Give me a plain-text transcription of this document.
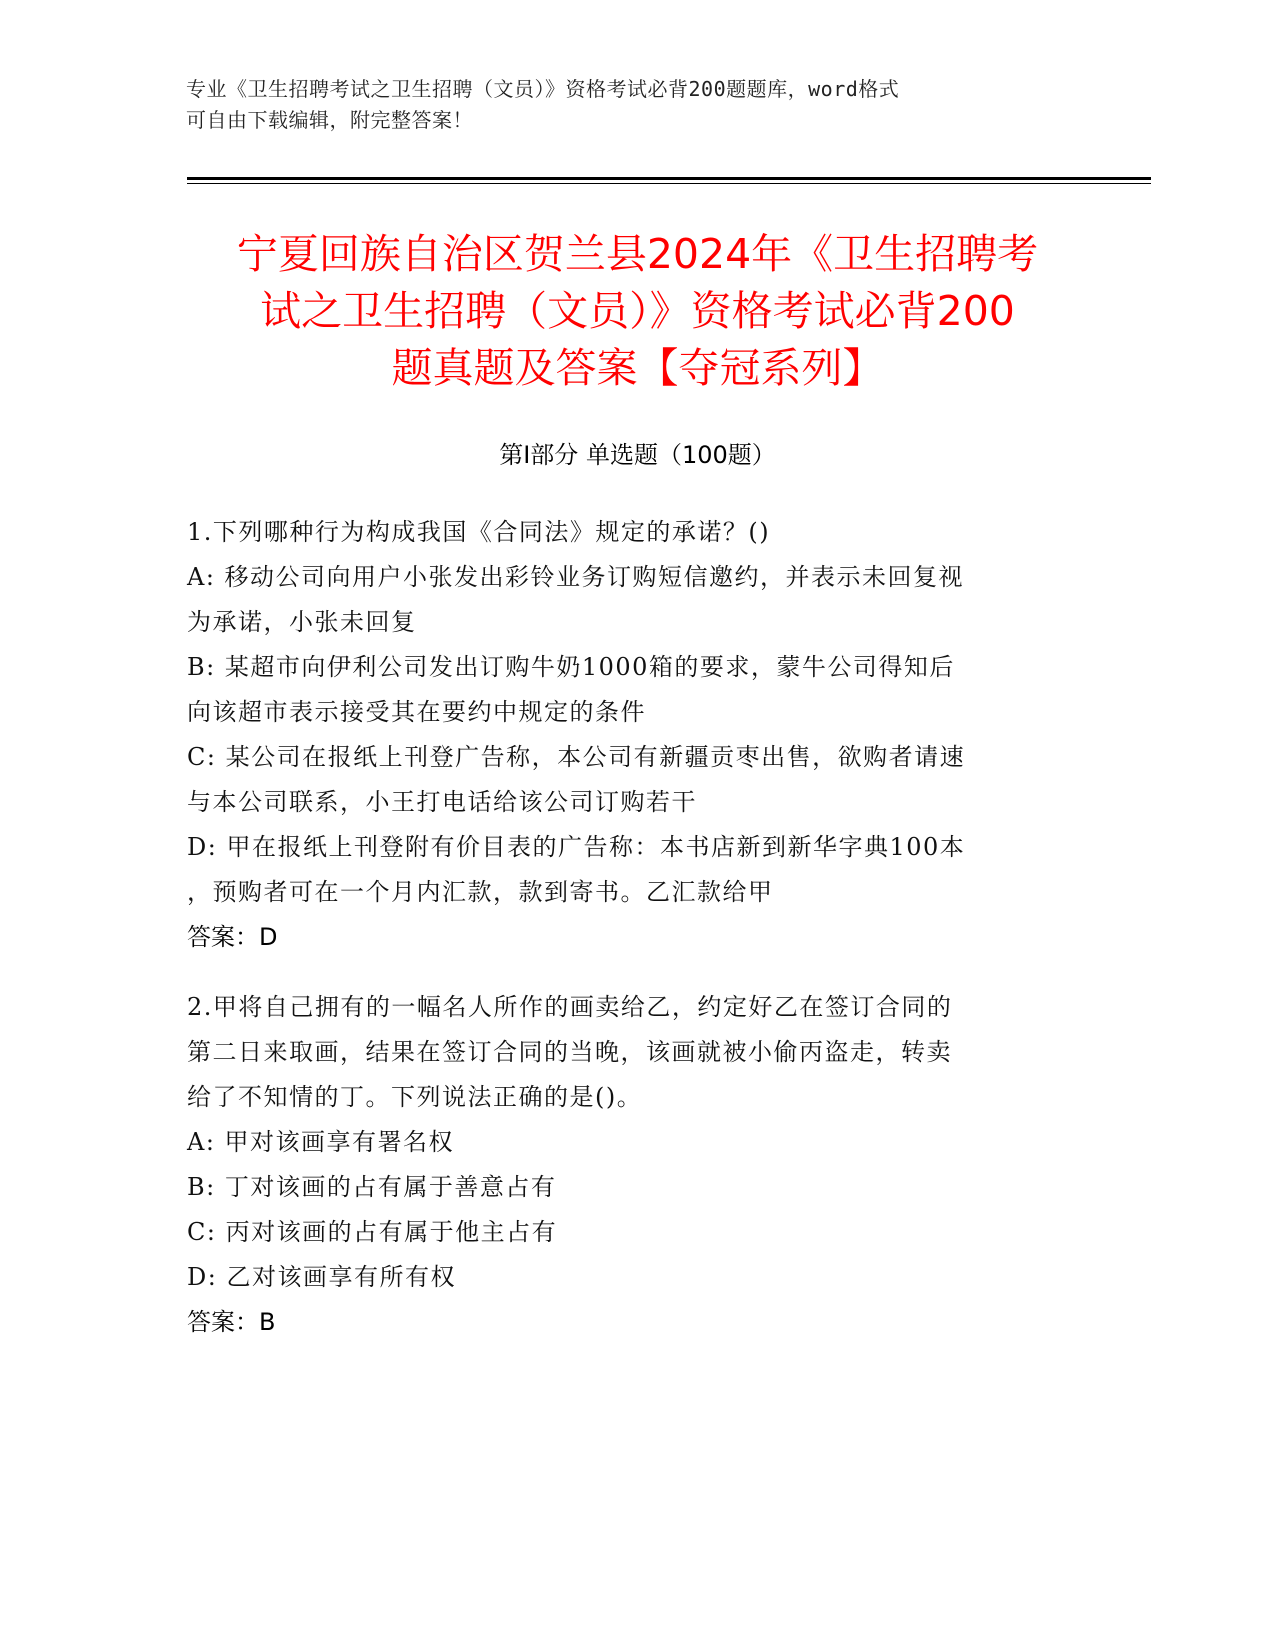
专业《卫生招聘考试之卫生招聘（文员）》资格考试必背200题题库，word格式
可自由下载编辑，附完整答案！
宁夏回族自治区贺兰县2024年《卫生招聘考
试之卫生招聘（文员）》资格考试必背200
题真题及答案【夺冠系列】
第Ⅰ部分 单选题（100题）

1.下列哪种行为构成我国《合同法》规定的承诺？()

A: 移动公司向用户小张发出彩铃业务订购短信邀约，并表示未回复视

为承诺，小张未回复

B: 某超市向伊利公司发出订购牛奶1000箱的要求，蒙牛公司得知后

向该超市表示接受其在要约中规定的条件

C: 某公司在报纸上刊登广告称，本公司有新疆贡枣出售，欲购者请速

与本公司联系，小王打电话给该公司订购若干

D: 甲在报纸上刊登附有价目表的广告称：本书店新到新华字典100本

，预购者可在一个月内汇款，款到寄书。乙汇款给甲

答案：D

2.甲将自己拥有的一幅名人所作的画卖给乙，约定好乙在签订合同的

第二日来取画，结果在签订合同的当晚，该画就被小偷丙盗走，转卖

给了不知情的丁。下列说法正确的是()。

A: 甲对该画享有署名权

B: 丁对该画的占有属于善意占有

C: 丙对该画的占有属于他主占有

D: 乙对该画享有所有权

答案：B
